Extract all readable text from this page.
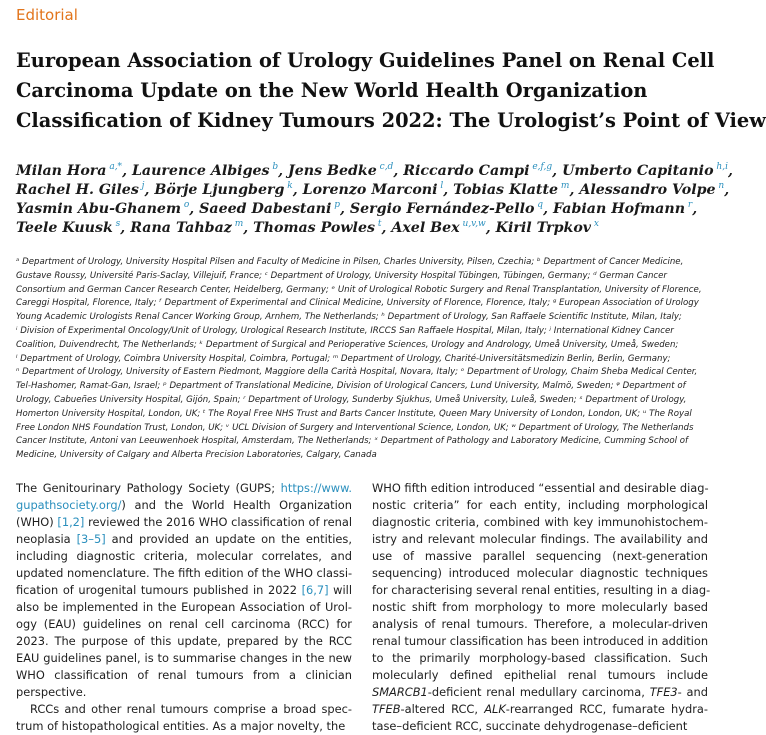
Editorial
European Association of Urology Guidelines Panel on Renal Cell
Carcinoma Update on the New World Health Organization
Classification of Kidney Tumours 2022: The Urologist’s Point of View
Milan Hora $^{a,*}$, Laurence Albiges $^b$, Jens Bedke $^{c,d}$, Riccardo Campi $^{e,f,g}$, Umberto Capitanio $^{h,i}$,
Rachel H. Giles $^j$, Börje Ljungberg $^k$, Lorenzo Marconi $^l$, Tobias Klatte $^m$, Alessandro Volpe $^n$,
Yasmin Abu-Ghanem $^o$, Saeed Dabestani $^p$, Sergio Fernández-Pello $^q$, Fabian Hofmann $^r$,
Teele Kuusk $^s$, Rana Tahbaz $^m$, Thomas Powles $^t$, Axel Bex $^{u,v,w}$, Kiril Trpkov $^x$
ᵃ Department of Urology, University Hospital Pilsen and Faculty of Medicine in Pilsen, Charles University, Pilsen, Czechia; ᵇ Department of Cancer Medicine,
Gustave Roussy, Université Paris-Saclay, Villejuif, France; ᶜ Department of Urology, University Hospital Tübingen, Tübingen, Germany; ᵈ German Cancer
Consortium and German Cancer Research Center, Heidelberg, Germany; ᵉ Unit of Urological Robotic Surgery and Renal Transplantation, University of Florence,
Careggi Hospital, Florence, Italy; ᶠ Department of Experimental and Clinical Medicine, University of Florence, Florence, Italy; ᵍ European Association of Urology
Young Academic Urologists Renal Cancer Working Group, Arnhem, The Netherlands; ʰ Department of Urology, San Raffaele Scientific Institute, Milan, Italy;
ⁱ Division of Experimental Oncology/Unit of Urology, Urological Research Institute, IRCCS San Raffaele Hospital, Milan, Italy; ʲ International Kidney Cancer
Coalition, Duivendrecht, The Netherlands; ᵏ Department of Surgical and Perioperative Sciences, Urology and Andrology, Umeå University, Umeå, Sweden;
ˡ Department of Urology, Coimbra University Hospital, Coimbra, Portugal; ᵐ Department of Urology, Charité-Universitätsmedizin Berlin, Berlin, Germany;
ⁿ Department of Urology, University of Eastern Piedmont, Maggiore della Carità Hospital, Novara, Italy; ᵒ Department of Urology, Chaim Sheba Medical Center,
Tel-Hashomer, Ramat-Gan, Israel; ᵖ Department of Translational Medicine, Division of Urological Cancers, Lund University, Malmö, Sweden; ᵠ Department of
Urology, Cabueñes University Hospital, Gijón, Spain; ʳ Department of Urology, Sunderby Sjukhus, Umeå University, Luleå, Sweden; ˢ Department of Urology,
Homerton University Hospital, London, UK; ᵗ The Royal Free NHS Trust and Barts Cancer Institute, Queen Mary University of London, London, UK; ᵘ The Royal
Free London NHS Foundation Trust, London, UK; ᵛ UCL Division of Surgery and Interventional Science, London, UK; ʷ Department of Urology, The Netherlands
Cancer Institute, Antoni van Leeuwenhoek Hospital, Amsterdam, The Netherlands; ˣ Department of Pathology and Laboratory Medicine, Cumming School of
Medicine, University of Calgary and Alberta Precision Laboratories, Calgary, Canada
The Genitourinary Pathology Society (GUPS; https://www.
gupathsociety.org/) and the World Health Organization
(WHO) [1,2] reviewed the 2016 WHO classification of renal
neoplasia [3–5] and provided an update on the entities,
including diagnostic criteria, molecular correlates, and
updated nomenclature. The fifth edition of the WHO classi-
fication of urogenital tumours published in 2022 [6,7] will
also be implemented in the European Association of Urol-
ogy (EAU) guidelines on renal cell carcinoma (RCC) for
2023. The purpose of this update, prepared by the RCC
EAU guidelines panel, is to summarise changes in the new
WHO classification of renal tumours from a clinician
perspective.
RCCs and other renal tumours comprise a broad spec-
trum of histopathological entities. As a major novelty, the
WHO fifth edition introduced “essential and desirable diag-
nostic criteria” for each entity, including morphological
diagnostic criteria, combined with key immunohistochem-
istry and relevant molecular findings. The availability and
use of massive parallel sequencing (next-generation
sequencing) introduced molecular diagnostic techniques
for characterising several renal entities, resulting in a diag-
nostic shift from morphology to more molecularly based
analysis of renal tumours. Therefore, a molecular-driven
renal tumour classification has been introduced in addition
to the primarily morphology-based classification. Such
molecularly defined epithelial renal tumours include
SMARCB1-deficient renal medullary carcinoma, TFE3- and
TFEB-altered RCC, ALK-rearranged RCC, fumarate hydra-
tase–deficient RCC, succinate dehydrogenase–deficient
